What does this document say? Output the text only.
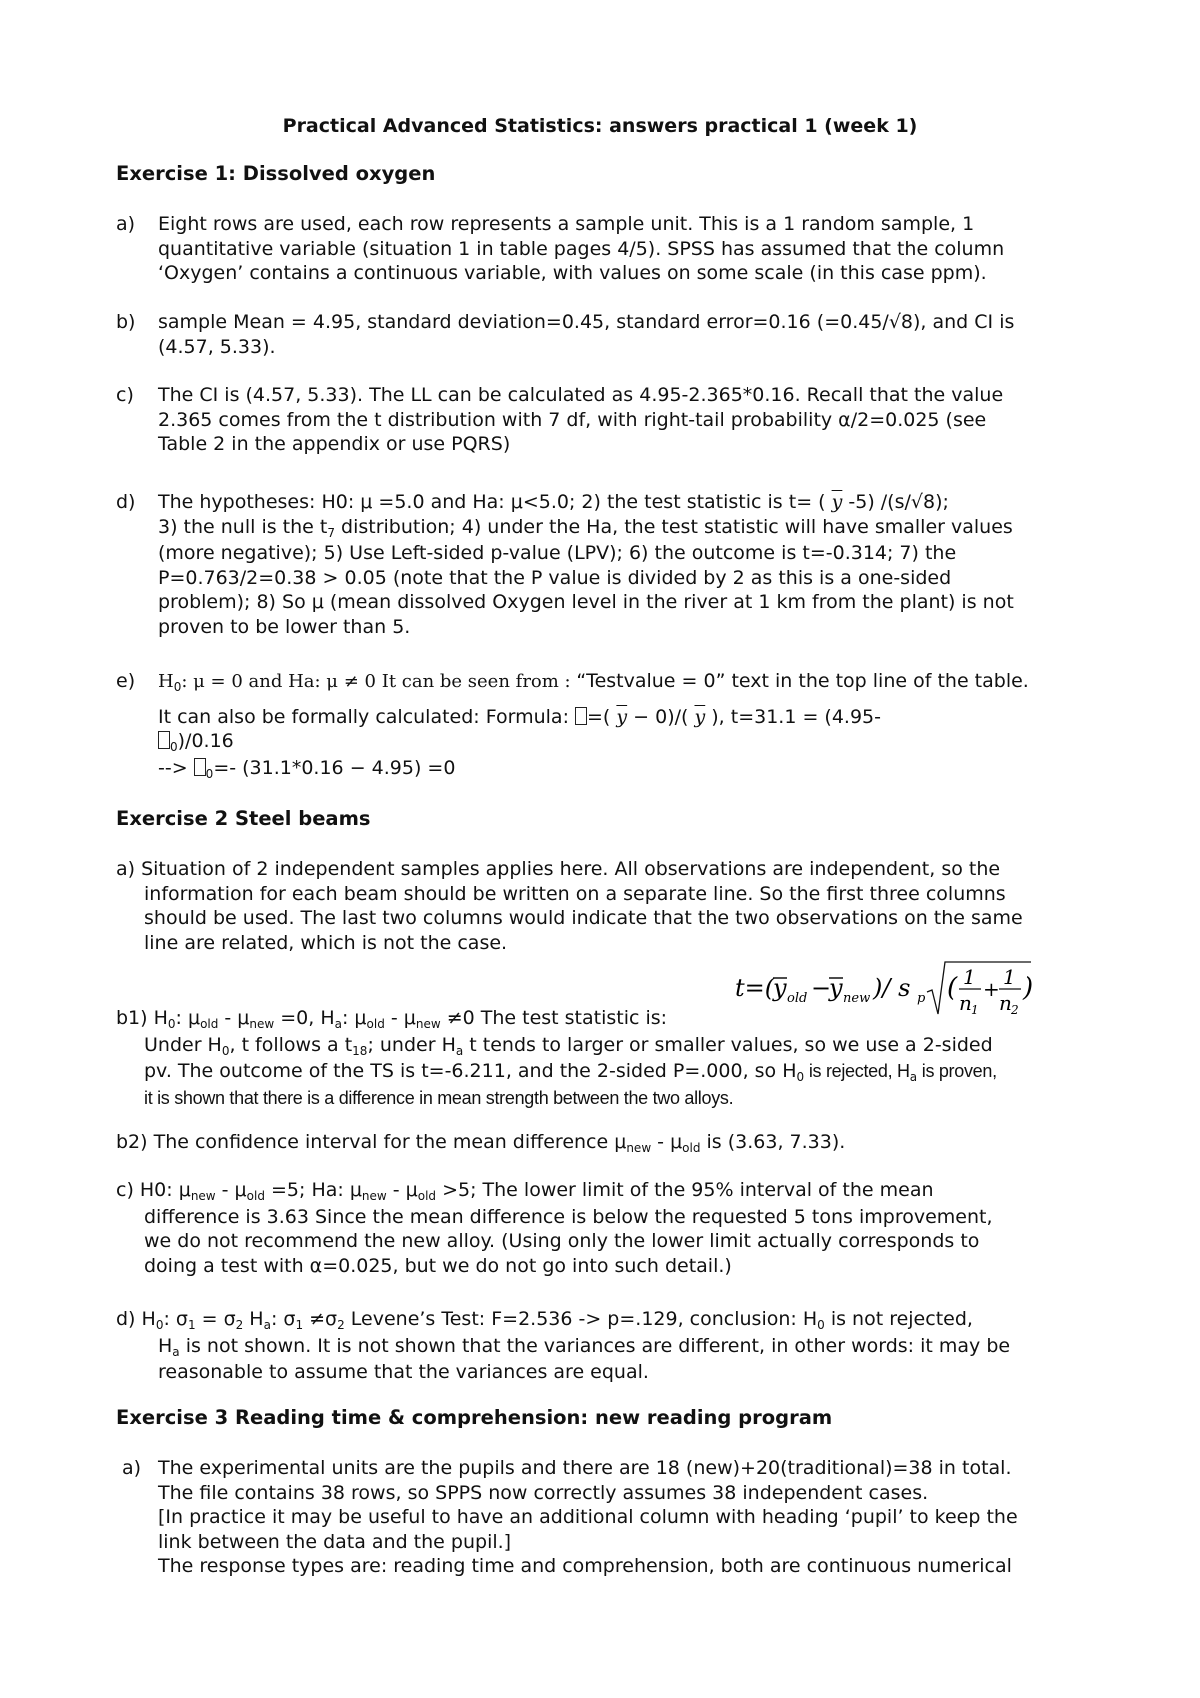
Practical Advanced Statistics: answers practical 1 (week 1)
Exercise 1: Dissolved oxygen
a) Eight rows are used, each row represents a sample unit. This is a 1 random sample, 1
quantitative variable (situation 1 in table pages 4/5). SPSS has assumed that the column
‘Oxygen’ contains a continuous variable, with values on some scale (in this case ppm).
b) sample Mean = 4.95, standard deviation=0.45, standard error=0.16 (=0.45/√8), and CI is
(4.57, 5.33).
c) The CI is (4.57, 5.33). The LL can be calculated as 4.95-2.365*0.16. Recall that the value
2.365 comes from the t distribution with 7 df, with right-tail probability α/2=0.025 (see
Table 2 in the appendix or use PQRS)
d) The hypotheses: H0: μ =5.0 and Ha: μ<5.0; 2) the test statistic is t= ( $\overline{y}$ -5) /(s/√8);
3) the null is the $t_7$ distribution; 4) under the Ha, the test statistic will have smaller values
(more negative); 5) Use Left-sided p-value (LPV); 6) the outcome is t=-0.314; 7) the
P=0.763/2=0.38 > 0.05 (note that the P value is divided by 2 as this is a one-sided
problem); 8) So μ (mean dissolved Oxygen level in the river at 1 km from the plant) is not
proven to be lower than 5.
e) $H_0$: μ = 0 and Ha: μ ≠ 0 It can be seen from : “Testvalue = 0” text in the top line of the table.
It can also be formally calculated: Formula: =( $\overline{y} - 0)/$( $\overline{y}$ ), t=31.1 = (4.95-
$_0$)/0.16
--> $_0$=- (31.1*0.16 − 4.95) =0
Exercise 2 Steel beams
a) Situation of 2 independent samples applies here. All observations are independent, so the
information for each beam should be written on a separate line. So the first three columns
should be used. The last two columns would indicate that the two observations on the same
line are related, which is not the case.
t=(
y old −
y new )/ s p ( 1
n 1
+ 1
n 2
)
b1) $H_0$: $\mu_{old} - \mu_{new} =0$, $H_a$: $\mu_{old} - \mu_{new} \ne 0$ The test statistic is:
Under $H_0$, t follows a $t_{18}$; under $H_a$ t tends to larger or smaller values, so we use a 2-sided
pv. The outcome of the TS is t=-6.211, and the 2-sided P=.000, so $H_0$ is rejected, $H_a$ is proven,
it is shown that there is a difference in mean strength between the two alloys.
b2) The confidence interval for the mean difference $\mu_{new} - \mu_{old}$ is (3.63, 7.33).
c) H0: $\mu_{new} - \mu_{old} =5$; Ha: $\mu_{new} - \mu_{old} >5$; The lower limit of the 95% interval of the mean
difference is 3.63 Since the mean difference is below the requested 5 tons improvement,
we do not recommend the new alloy. (Using only the lower limit actually corresponds to
doing a test with α=0.025, but we do not go into such detail.)
d) $H_0$: $\sigma_1 = \sigma_2$ $H_a$: $\sigma_1 \ne\sigma_2$ Levene’s Test: F=2.536 -> p=.129, conclusion: $H_0$ is not rejected,
$H_a$ is not shown. It is not shown that the variances are different, in other words: it may be
reasonable to assume that the variances are equal.
Exercise 3 Reading time & comprehension: new reading program
a) The experimental units are the pupils and there are 18 (new)+20(traditional)=38 in total.
The file contains 38 rows, so SPPS now correctly assumes 38 independent cases.
[In practice it may be useful to have an additional column with heading ‘pupil’ to keep the
link between the data and the pupil.]
The response types are: reading time and comprehension, both are continuous numerical
